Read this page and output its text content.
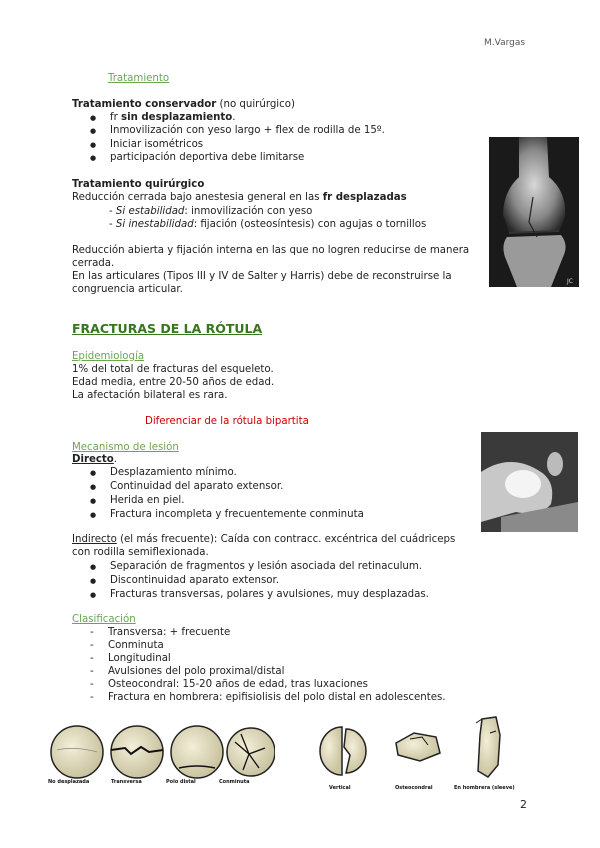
M.Vargas
Tratamiento
Tratamiento conservador (no quirúrgico)
● fr sin desplazamiento.
● Inmovilización con yeso largo + flex de rodilla de 15º.
● Iniciar isométricos
● participación deportiva debe limitarse
Tratamiento quirúrgico
Reducción cerrada bajo anestesia general en las fr desplazadas
- Si estabilidad: inmovilización con yeso
- Si inestabilidad: fijación (osteosíntesis) con agujas o tornillos
Reducción abierta y fijación interna en las que no logren reducirse de manera
cerrada.
En las articulares (Tipos III y IV de Salter y Harris) debe de reconstruirse la
congruencia articular.
JC
FRACTURAS DE LA RÓTULA
Epidemiología
1% del total de fracturas del esqueleto.
Edad media, entre 20-50 años de edad.
La afectación bilateral es rara.
Diferenciar de la rótula bipartita
Mecanismo de lesión
Directo.
● Desplazamiento mínimo.
● Continuidad del aparato extensor.
● Herida en piel.
● Fractura incompleta y frecuentemente conminuta
Indirecto (el más frecuente): Caída con contracc. excéntrica del cuádriceps
con rodilla semiflexionada.
● Separación de fragmentos y lesión asociada del retinaculum.
● Discontinuidad aparato extensor.
● Fracturas transversas, polares y avulsiones, muy desplazadas.
Clasificación
- Transversa: + frecuente
- Conminuta
- Longitudinal
- Avulsiones del polo proximal/distal
- Osteocondral: 15-20 años de edad, tras luxaciones
- Fractura en hombrera: epifisiolisis del polo distal en adolescentes.
No desplazada	Transversa	Polo distal	Conminuta
Vertical	Osteocondral	En hombrera (sleeve)
2
